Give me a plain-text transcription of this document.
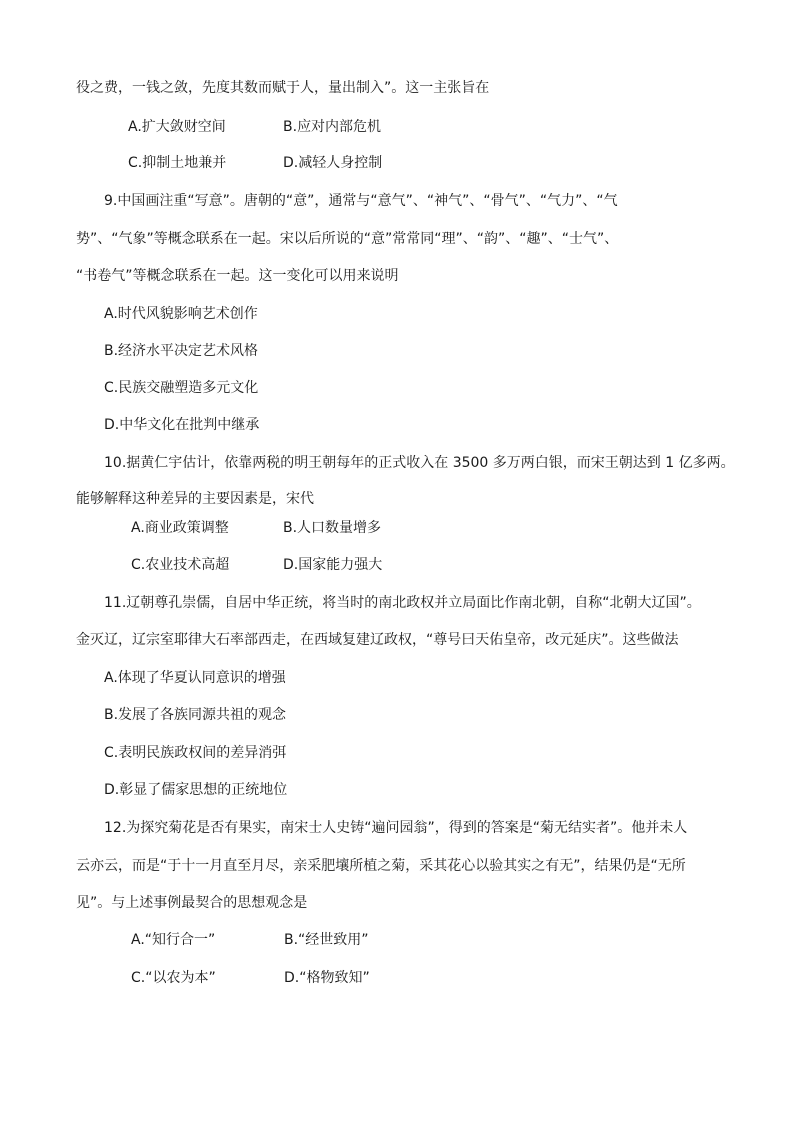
役之费，一钱之敛，先度其数而赋于人，量出制入”。这一主张旨在
A.扩大敛财空间	B.应对内部危机
C.抑制土地兼并	D.减轻人身控制
9.中国画注重“写意”。唐朝的“意”，通常与“意气”、“神气”、“骨气”、“气力”、“气
势”、“气象”等概念联系在一起。宋以后所说的“意”常常同“理”、“韵”、“趣”、“士气”、
“书卷气”等概念联系在一起。这一变化可以用来说明
A.时代风貌影响艺术创作
B.经济水平决定艺术风格
C.民族交融塑造多元文化
D.中华文化在批判中继承
10.据黄仁宇估计，依靠两税的明王朝每年的正式收入在 3500 多万两白银，而宋王朝达到 1 亿多两。
能够解释这种差异的主要因素是，宋代
A.商业政策调整	B.人口数量增多
C.农业技术高超	D.国家能力强大
11.辽朝尊孔崇儒，自居中华正统，将当时的南北政权并立局面比作南北朝，自称“北朝大辽国”。
金灭辽，辽宗室耶律大石率部西走，在西域复建辽政权，“尊号曰天佑皇帝，改元延庆”。这些做法
A.体现了华夏认同意识的增强
B.发展了各族同源共祖的观念
C.表明民族政权间的差异消弭
D.彰显了儒家思想的正统地位
12.为探究菊花是否有果实，南宋士人史铸“遍问园翁”，得到的答案是“菊无结实者”。他并未人
云亦云，而是“于十一月直至月尽，亲采肥壤所植之菊，采其花心以验其实之有无”，结果仍是“无所
见”。与上述事例最契合的思想观念是
A.“知行合一”	B.“经世致用”
C.“以农为本”	D.“格物致知”
